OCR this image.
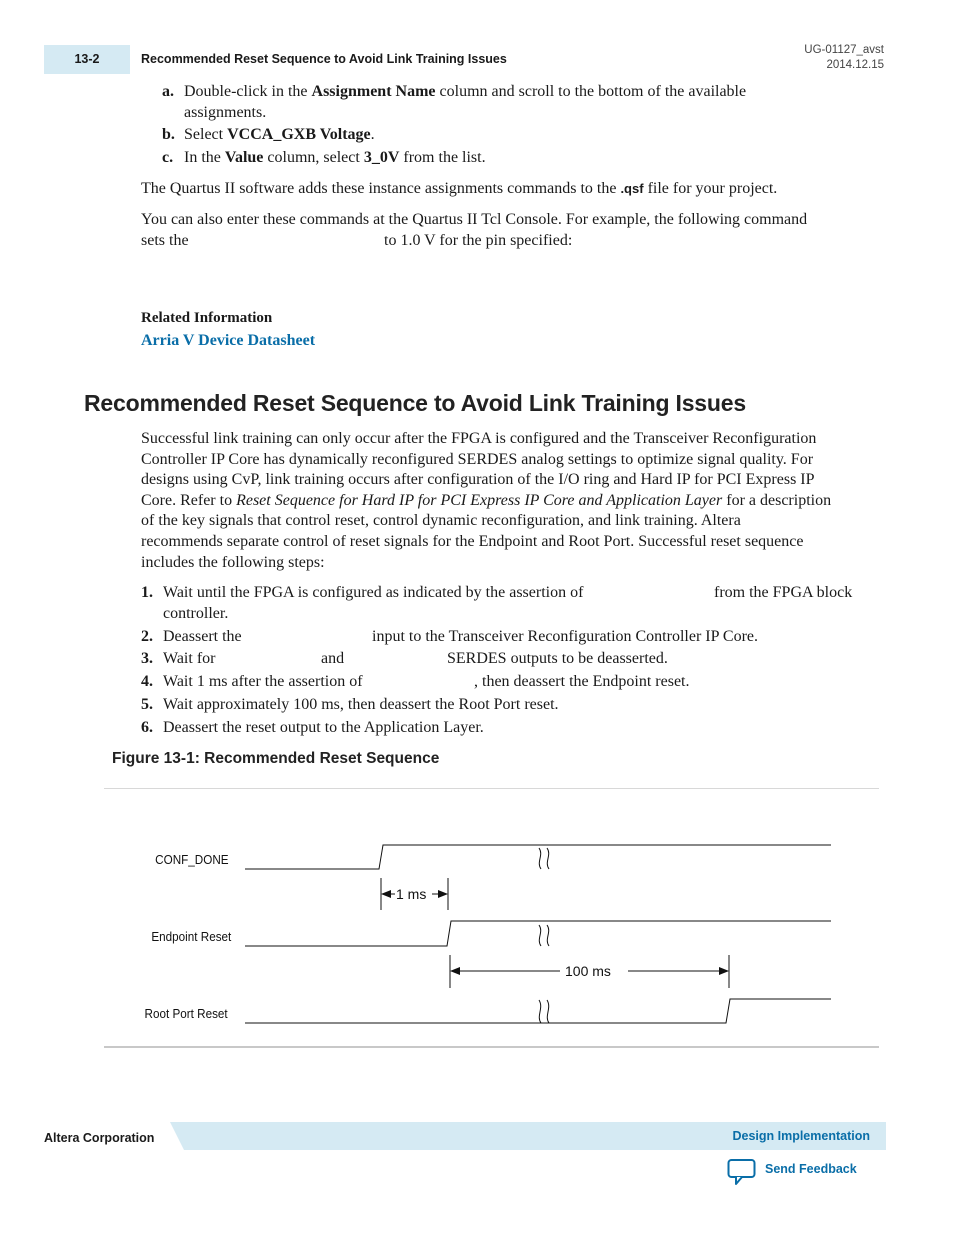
13-2	Recommended Reset Sequence to Avoid Link Training Issues
UG-01127_avst
2014.12.15
a. Double-click in the Assignment Name column and scroll to the bottom of the available
assignments.
b. Select VCCA_GXB Voltage.
c. In the Value column, select 3_0V from the list.
The Quartus II software adds these instance assignments commands to the .qsf file for your project.
You can also enter these commands at the Quartus II Tcl Console. For example, the following command
sets the	to 1.0 V for the pin specified:
Related Information
Arria V Device Datasheet
Recommended Reset Sequence to Avoid Link Training Issues
Successful link training can only occur after the FPGA is configured and the Transceiver Reconfiguration
Controller IP Core has dynamically reconfigured SERDES analog settings to optimize signal quality. For
designs using CvP, link training occurs after configuration of the I/O ring and Hard IP for PCI Express IP
Core. Refer to Reset Sequence for Hard IP for PCI Express IP Core and Application Layer for a description
of the key signals that control reset, control dynamic reconfiguration, and link training. Altera
recommends separate control of reset signals for the Endpoint and Root Port. Successful reset sequence
includes the following steps:
1. Wait until the FPGA is configured as indicated by the assertion of	from the FPGA block
controller.
2. Deassert the	input to the Transceiver Reconfiguration Controller IP Core.
3. Wait for	and	SERDES outputs to be deasserted.
4. Wait 1 ms after the assertion of	, then deassert the Endpoint reset.
5. Wait approximately 100 ms, then deassert the Root Port reset.
6. Deassert the reset output to the Application Layer.
Figure 13-1: Recommended Reset Sequence
CONF_DONE
Endpoint Reset
Root Port Reset
1 ms
100 ms
Altera Corporation	Design Implementation
Send Feedback
